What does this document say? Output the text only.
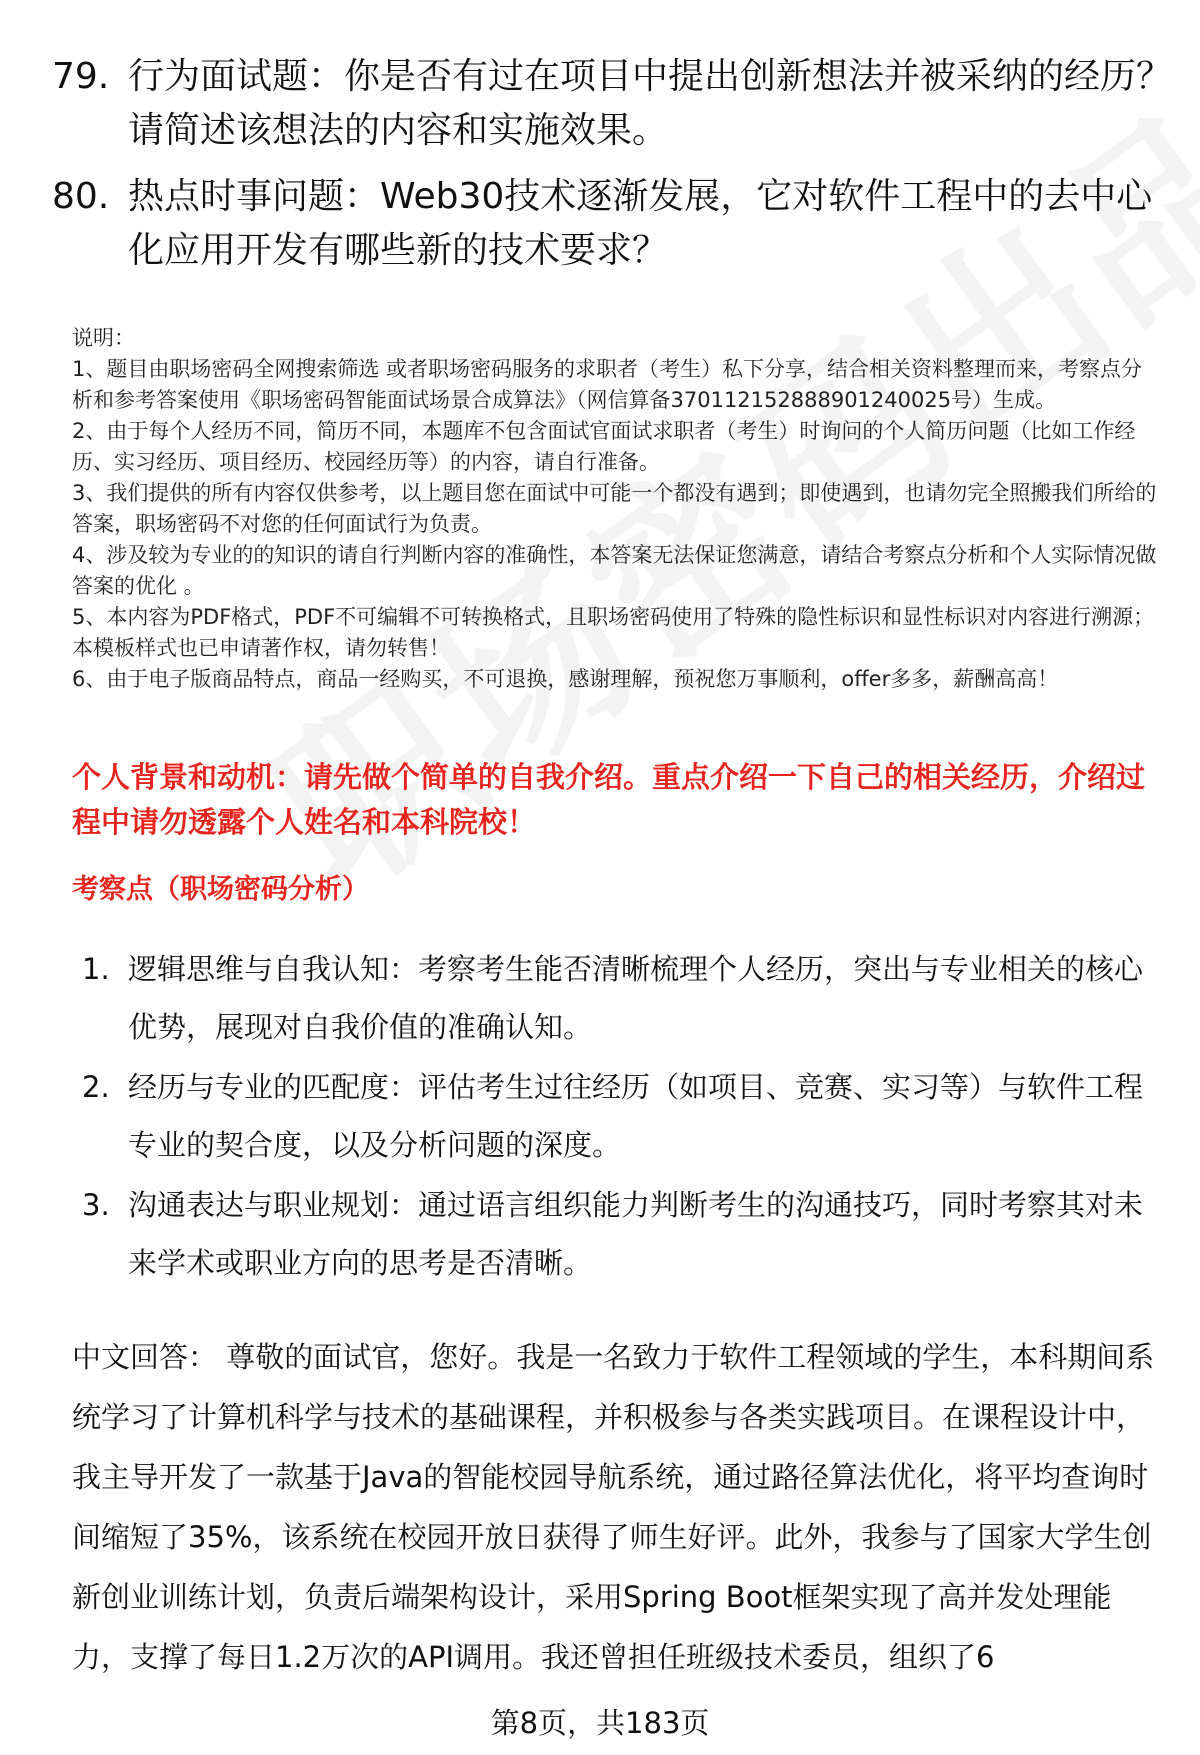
79. 行为面试题：你是否有过在项目中提出创新想法并被采纳的经历？请简述该想法的内容和实施效果。
80. 热点时事问题：Web30技术逐渐发展，它对软件工程中的去中心化应用开发有哪些新的技术要求？

说明：

1、题目由职场密码全网搜索筛选 或者职场密码服务的求职者（考生）私下分享，结合相关资料整理而来，考察点分析和参考答案使用《职场密码智能面试场景合成算法》（网信算备370112152888901240025号）生成。

2、由于每个人经历不同，简历不同，本题库不包含面试官面试求职者（考生）时询问的个人简历问题（比如工作经历、实习经历、项目经历、校园经历等）的内容，请自行准备。

3、我们提供的所有内容仅供参考，以上题目您在面试中可能一个都没有遇到；即使遇到，也请勿完全照搬我们所给的答案，职场密码不对您的任何面试行为负责。

4、涉及较为专业的的知识的请自行判断内容的准确性，本答案无法保证您满意，请结合考察点分析和个人实际情况做答案的优化 。

5、本内容为PDF格式，PDF不可编辑不可转换格式，且职场密码使用了特殊的隐性标识和显性标识对内容进行溯源；本模板样式也已申请著作权，请勿转售！

6、由于电子版商品特点，商品一经购买，不可退换，感谢理解，预祝您万事顺利，offer多多，薪酬高高！

个人背景和动机：请先做个简单的自我介绍。重点介绍一下自己的相关经历，介绍过程中请勿透露个人姓名和本科院校！
考察点（职场密码分析）
1. 逻辑思维与自我认知：考察考生能否清晰梳理个人经历，突出与专业相关的核心优势，展现对自我价值的准确认知。
2. 经历与专业的匹配度：评估考生过往经历（如项目、竞赛、实习等）与软件工程专业的契合度，以及分析问题的深度。
3. 沟通表达与职业规划：通过语言组织能力判断考生的沟通技巧，同时考察其对未来学术或职业方向的思考是否清晰。
中文回答： 尊敬的面试官，您好。我是一名致力于软件工程领域的学生，本科期间系统学习了计算机科学与技术的基础课程，并积极参与各类实践项目。在课程设计中，我主导开发了一款基于Java的智能校园导航系统，通过路径算法优化，将平均查询时间缩短了35%，该系统在校园开放日获得了师生好评。此外，我参与了国家大学生创新创业训练计划，负责后端架构设计，采用Spring Boot框架实现了高并发处理能力，支撑了每日1.2万次的API调用。我还曾担任班级技术委员，组织了6
第8页，共183页
